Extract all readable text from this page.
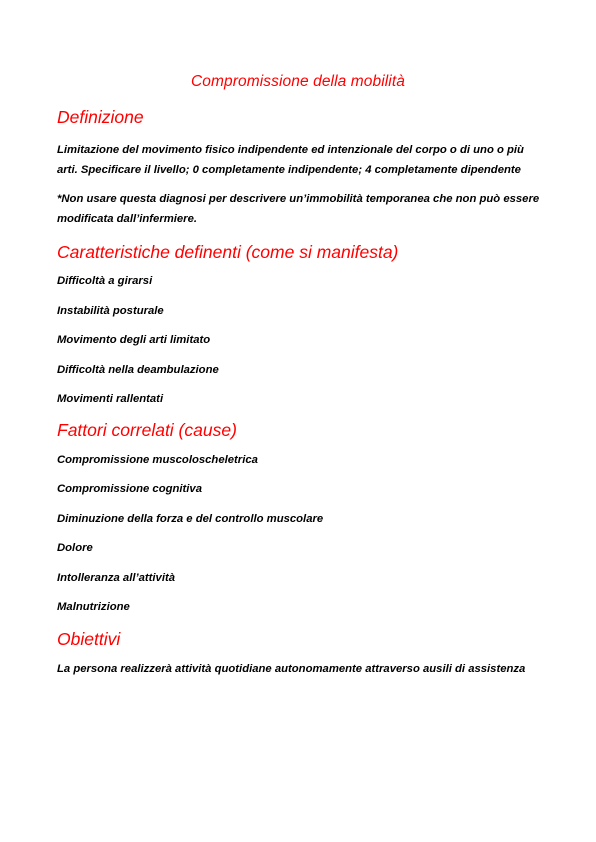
Compromissione della mobilità
Definizione

Limitazione del movimento fisico indipendente ed intenzionale del corpo o di uno o più arti. Specificare il livello; 0 completamente indipendente; 4 completamente dipendente

*Non usare questa diagnosi per descrivere un’immobilità temporanea che non può essere modificata dall’infermiere.

Caratteristiche definenti (come si manifesta)
Difficoltà a girarsi
Instabilità posturale
Movimento degli arti limitato
Difficoltà nella deambulazione
Movimenti rallentati
Fattori correlati (cause)
Compromissione muscoloscheletrica
Compromissione cognitiva
Diminuzione della forza e del controllo muscolare
Dolore
Intolleranza all’attività
Malnutrizione
Obiettivi

La persona realizzerà attività quotidiane autonomamente attraverso ausili di assistenza
